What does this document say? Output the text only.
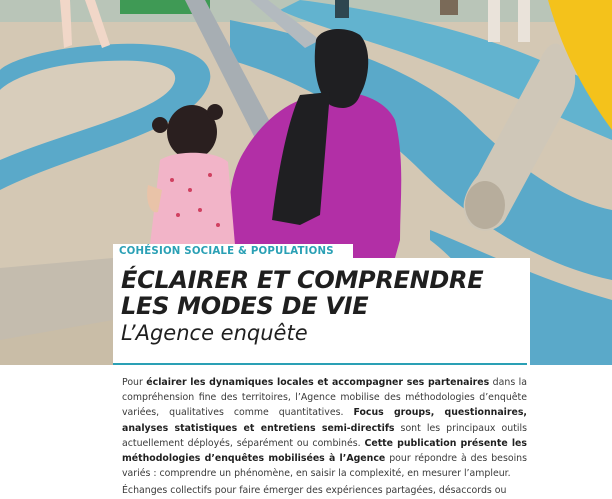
COHÉSION SOCIALE & POPULATIONS
ÉCLAIRER ET COMPRENDRE
LES MODES DE VIE
L’Agence enquête

Pour éclairer les dynamiques locales et accompagner ses partenaires dans la compréhension fine des territoires, l’Agence mobilise des méthodologies d’enquête variées, qualitatives comme quantitatives. Focus groups, questionnaires, analyses statistiques et entretiens semi-directifs sont les principaux outils actuellement déployés, séparément ou combinés. Cette publication présente les méthodologies d’enquêtes mobilisées à l’Agence pour répondre à des besoins variés : comprendre un phénomène, en saisir la complexité, en mesurer l’ampleur.

Échanges collectifs pour faire émerger des expériences partagées, désaccords ou
